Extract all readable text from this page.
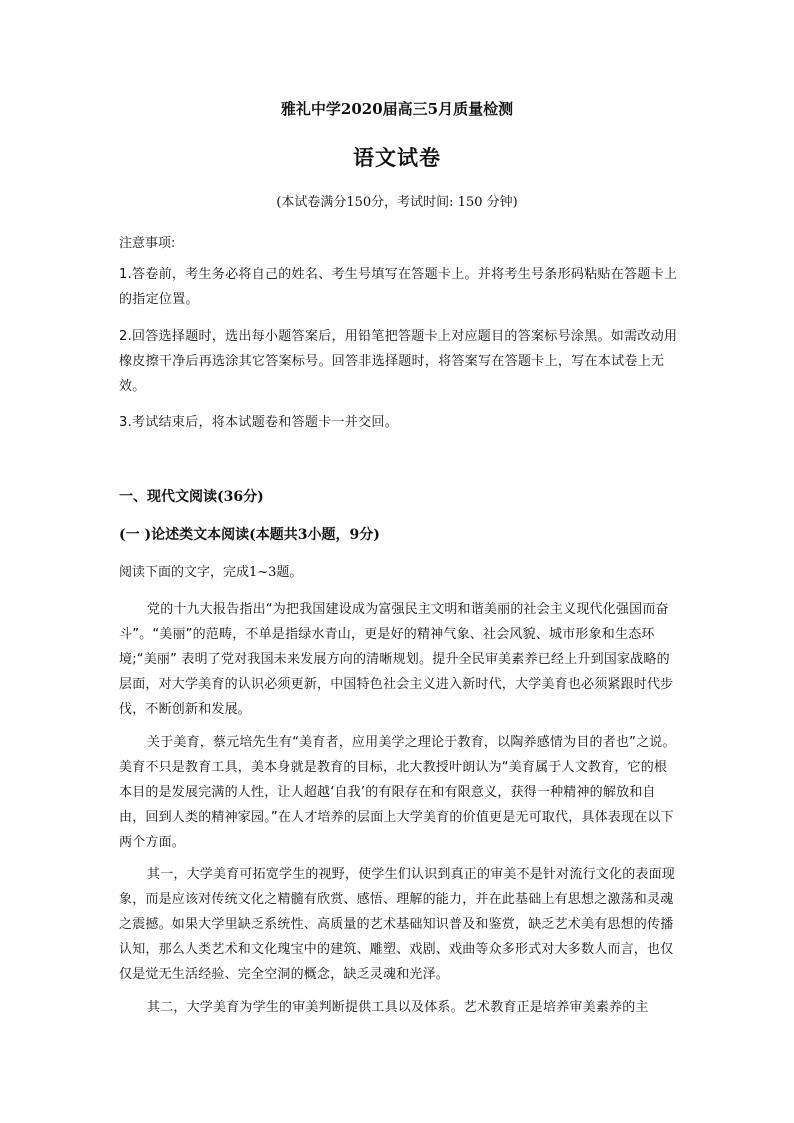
雅礼中学2020届高三5月质量检测
语文试卷
(本试卷满分150分，考试时间: 150 分钟)
注意事项:
1.答卷前，考生务必将自己的姓名、考生号填写在答题卡上。并将考生号条形码粘贴在答题卡上的指定位置。
2.回答选择题时，选出每小题答案后，用铅笔把答题卡上对应题目的答案标号涂黑。如需改动用橡皮擦干净后再选涂其它答案标号。回答非选择题时，将答案写在答题卡上，写在本试卷上无效。
3.考试结束后，将本试题卷和答题卡一并交回。
一、现代文阅读(36分)
(一 )论述类文本阅读(本题共3小题，9分)
阅读下面的文字，完成1~3题。
党的十九大报告指出“为把我国建设成为富强民主文明和谐美丽的社会主义现代化强国而奋斗”。“美丽”的范畴，不单是指绿水青山，更是好的精神气象、社会风貌、城市形象和生态环境;“美丽” 表明了党对我国未来发展方向的清晰规划。提升全民审美素养已经上升到国家战略的层面，对大学美育的认识必须更新，中国特色社会主义进入新时代，大学美育也必须紧跟时代步伐，不断创新和发展。
关于美育，蔡元培先生有“美育者，应用美学之理论于教育，以陶养感情为目的者也”之说。美育不只是教育工具，美本身就是教育的目标，北大教授叶朗认为“美育属于人文教育，它的根本目的是发展完满的人性，让人超越‘自我’的有限存在和有限意义，获得一种精神的解放和自由，回到人类的精神家园。”在人才培养的层面上大学美育的价值更是无可取代，具体表现在以下两个方面。
其一，大学美育可拓宽学生的视野，使学生们认识到真正的审美不是针对流行文化的表面现象，而是应该对传统文化之精髓有欣赏、感悟、理解的能力，并在此基础上有思想之激荡和灵魂之震撼。如果大学里缺乏系统性、高质量的艺术基础知识普及和鉴赏，缺乏艺术美有思想的传播认知，那么人类艺术和文化瑰宝中的建筑、雕塑、戏剧、戏曲等众多形式对大多数人而言，也仅仅是觉无生活经验、完全空洞的概念，缺乏灵魂和光泽。
其二，大学美育为学生的审美判断提供工具以及体系。艺术教育正是培养审美素养的主
